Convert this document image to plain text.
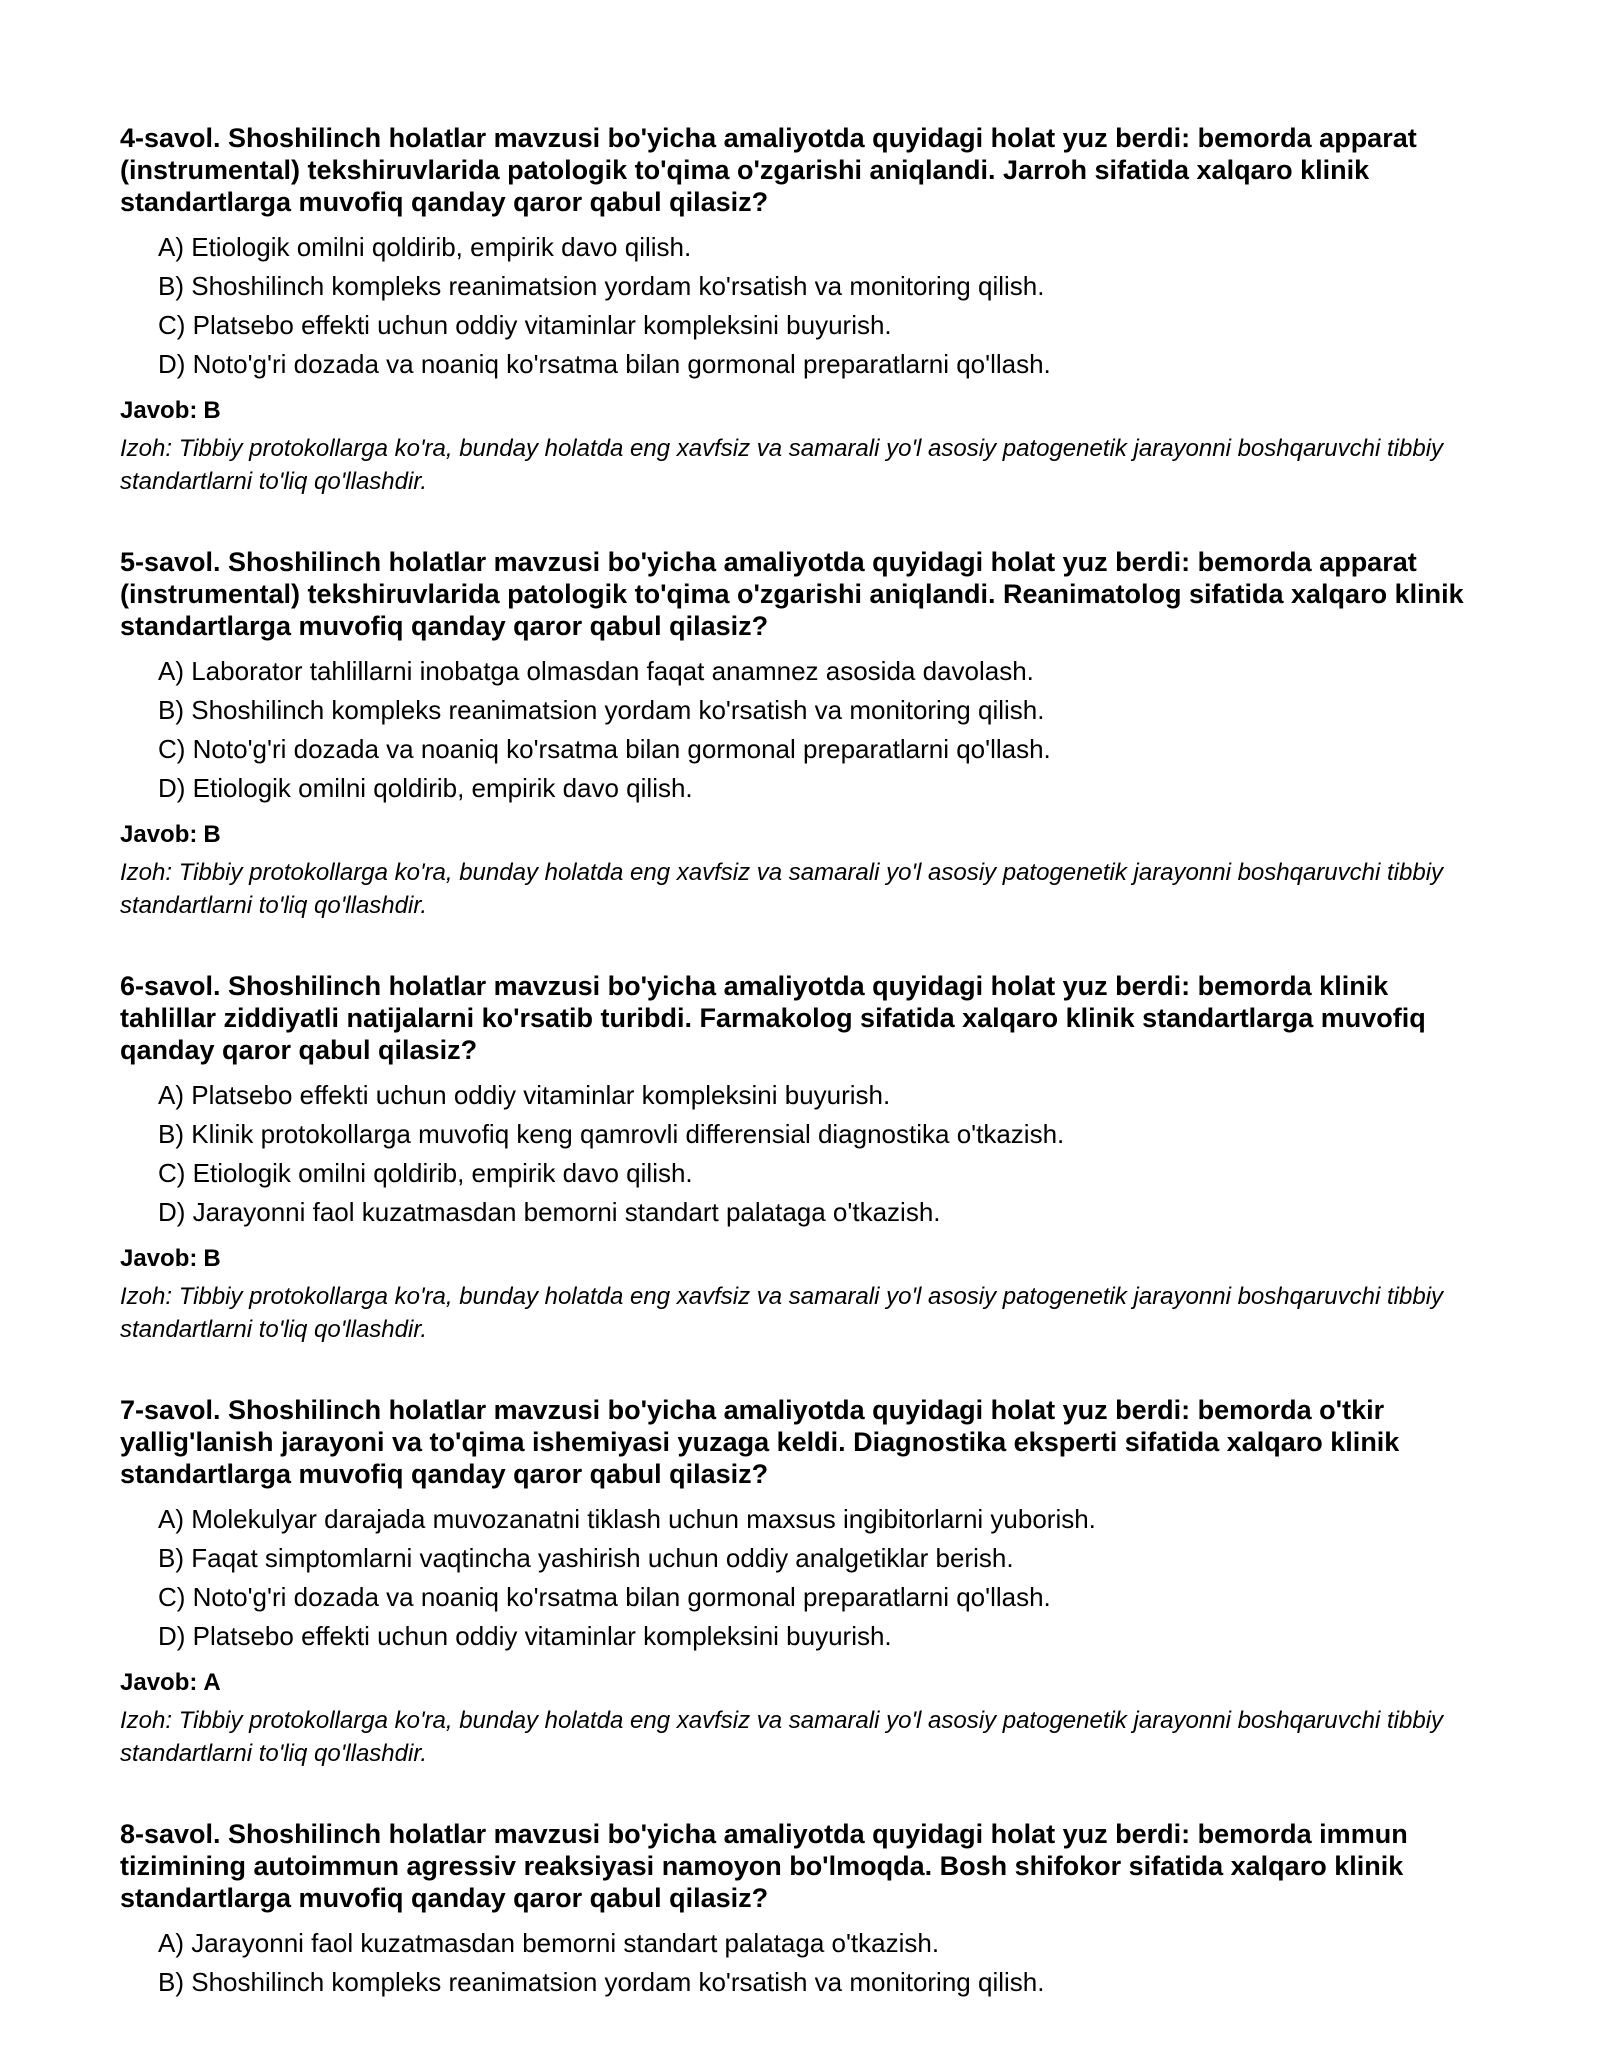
4-savol. Shoshilinch holatlar mavzusi bo'yicha amaliyotda quyidagi holat yuz berdi: bemorda apparat (instrumental) tekshiruvlarida patologik to'qima o'zgarishi aniqlandi. Jarroh sifatida xalqaro klinik standartlarga muvofiq qanday qaror qabul qilasiz?

A) Etiologik omilni qoldirib, empirik davo qilish.
B) Shoshilinch kompleks reanimatsion yordam ko'rsatish va monitoring qilish.
C) Platsebo effekti uchun oddiy vitaminlar kompleksini buyurish.
D) Noto'g'ri dozada va noaniq ko'rsatma bilan gormonal preparatlarni qo'llash.

Javob: B

Izoh: Tibbiy protokollarga ko'ra, bunday holatda eng xavfsiz va samarali yo'l asosiy patogenetik jarayonni boshqaruvchi tibbiy standartlarni to'liq qo'llashdir.

5-savol. Shoshilinch holatlar mavzusi bo'yicha amaliyotda quyidagi holat yuz berdi: bemorda apparat (instrumental) tekshiruvlarida patologik to'qima o'zgarishi aniqlandi. Reanimatolog sifatida xalqaro klinik standartlarga muvofiq qanday qaror qabul qilasiz?

A) Laborator tahlillarni inobatga olmasdan faqat anamnez asosida davolash.
B) Shoshilinch kompleks reanimatsion yordam ko'rsatish va monitoring qilish.
C) Noto'g'ri dozada va noaniq ko'rsatma bilan gormonal preparatlarni qo'llash.
D) Etiologik omilni qoldirib, empirik davo qilish.

Javob: B

Izoh: Tibbiy protokollarga ko'ra, bunday holatda eng xavfsiz va samarali yo'l asosiy patogenetik jarayonni boshqaruvchi tibbiy standartlarni to'liq qo'llashdir.

6-savol. Shoshilinch holatlar mavzusi bo'yicha amaliyotda quyidagi holat yuz berdi: bemorda klinik tahlillar ziddiyatli natijalarni ko'rsatib turibdi. Farmakolog sifatida xalqaro klinik standartlarga muvofiq qanday qaror qabul qilasiz?

A) Platsebo effekti uchun oddiy vitaminlar kompleksini buyurish.
B) Klinik protokollarga muvofiq keng qamrovli differensial diagnostika o'tkazish.
C) Etiologik omilni qoldirib, empirik davo qilish.
D) Jarayonni faol kuzatmasdan bemorni standart palataga o'tkazish.

Javob: B

Izoh: Tibbiy protokollarga ko'ra, bunday holatda eng xavfsiz va samarali yo'l asosiy patogenetik jarayonni boshqaruvchi tibbiy standartlarni to'liq qo'llashdir.

7-savol. Shoshilinch holatlar mavzusi bo'yicha amaliyotda quyidagi holat yuz berdi: bemorda o'tkir yallig'lanish jarayoni va to'qima ishemiyasi yuzaga keldi. Diagnostika eksperti sifatida xalqaro klinik standartlarga muvofiq qanday qaror qabul qilasiz?

A) Molekulyar darajada muvozanatni tiklash uchun maxsus ingibitorlarni yuborish.
B) Faqat simptomlarni vaqtincha yashirish uchun oddiy analgetiklar berish.
C) Noto'g'ri dozada va noaniq ko'rsatma bilan gormonal preparatlarni qo'llash.
D) Platsebo effekti uchun oddiy vitaminlar kompleksini buyurish.

Javob: A

Izoh: Tibbiy protokollarga ko'ra, bunday holatda eng xavfsiz va samarali yo'l asosiy patogenetik jarayonni boshqaruvchi tibbiy standartlarni to'liq qo'llashdir.

8-savol. Shoshilinch holatlar mavzusi bo'yicha amaliyotda quyidagi holat yuz berdi: bemorda immun tizimining autoimmun agressiv reaksiyasi namoyon bo'lmoqda. Bosh shifokor sifatida xalqaro klinik standartlarga muvofiq qanday qaror qabul qilasiz?

A) Jarayonni faol kuzatmasdan bemorni standart palataga o'tkazish.
B) Shoshilinch kompleks reanimatsion yordam ko'rsatish va monitoring qilish.
